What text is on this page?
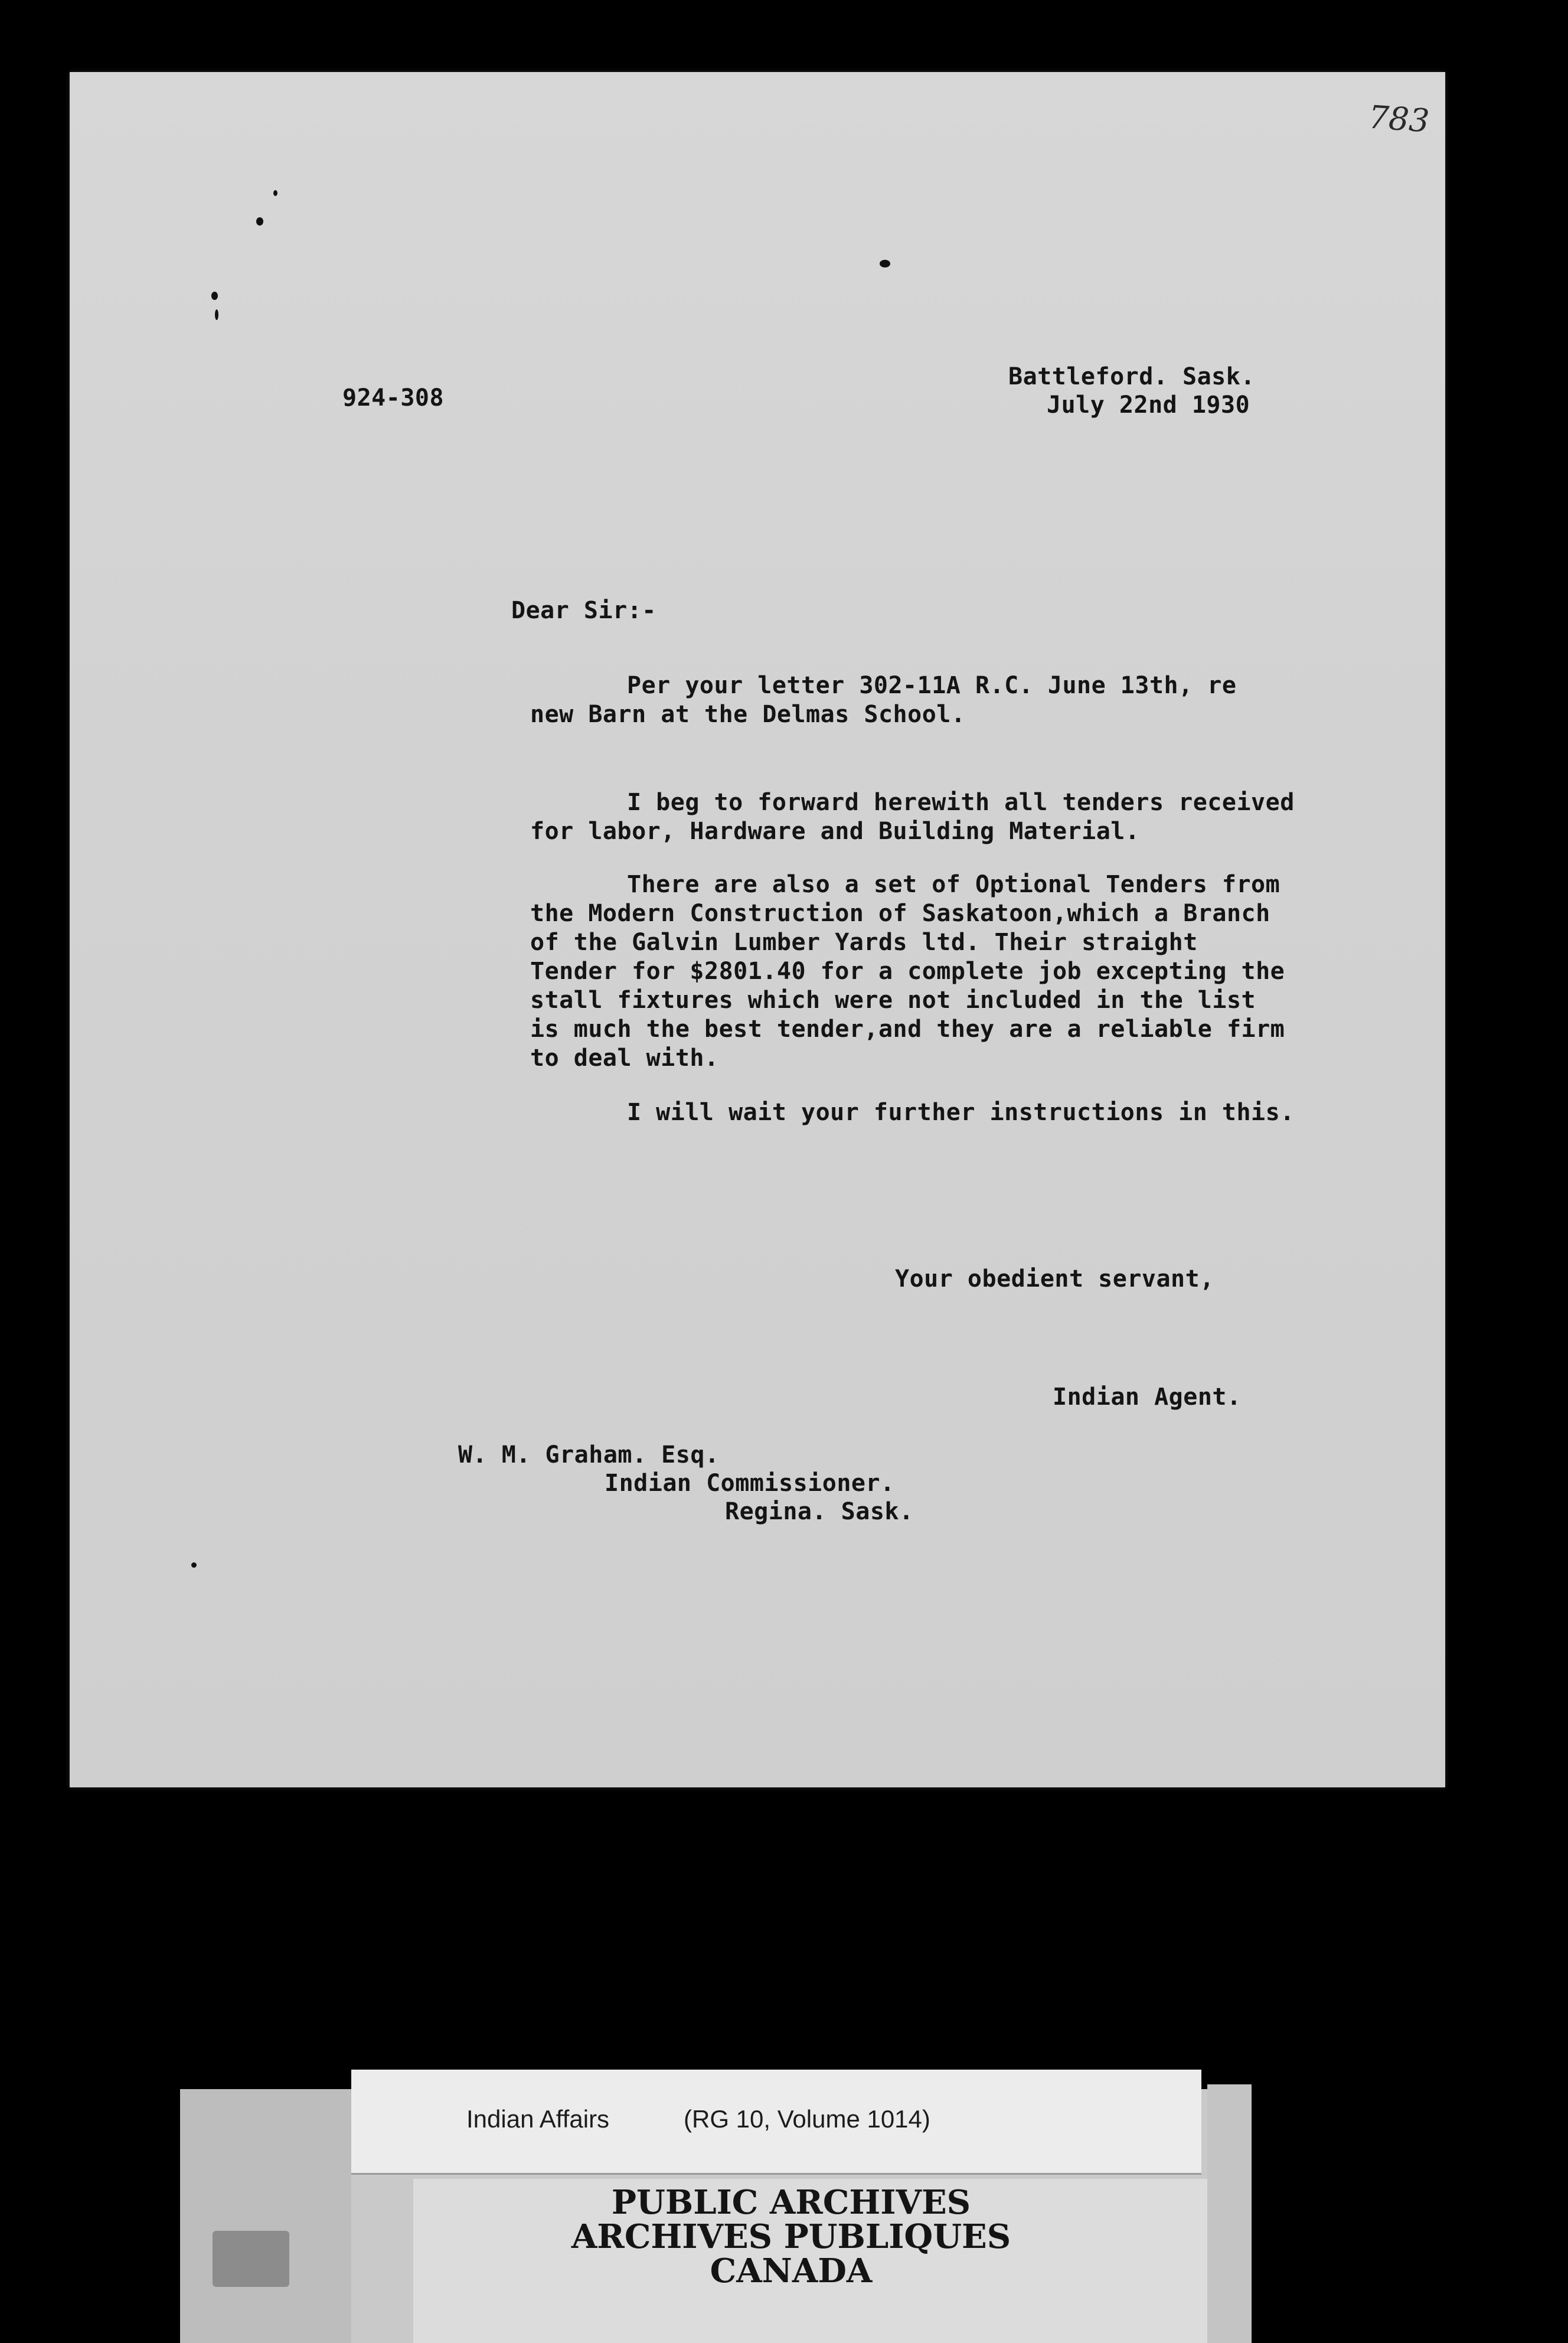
783
924-308
Battleford. Sask.
July 22nd 1930
Dear Sir:-
Per your letter 302-11A R.C. June 13th, re
new Barn at the Delmas School.
I beg to forward herewith all tenders received
for labor, Hardware and Building Material.
There are also a set of Optional Tenders from
the Modern Construction of Saskatoon,which a Branch
of the Galvin Lumber Yards ltd. Their straight
Tender for $2801.40 for a complete job excepting the
stall fixtures which were not included in the list
is much the best tender,and they are a reliable firm
to deal with.
I will wait your further instructions in this.
Your obedient servant,
Indian Agent.
W. M. Graham. Esq.
Indian Commissioner.
Regina. Sask.
Indian Affairs	(RG 10, Volume 1014)
PUBLIC ARCHIVES
ARCHIVES PUBLIQUES
CANADA
